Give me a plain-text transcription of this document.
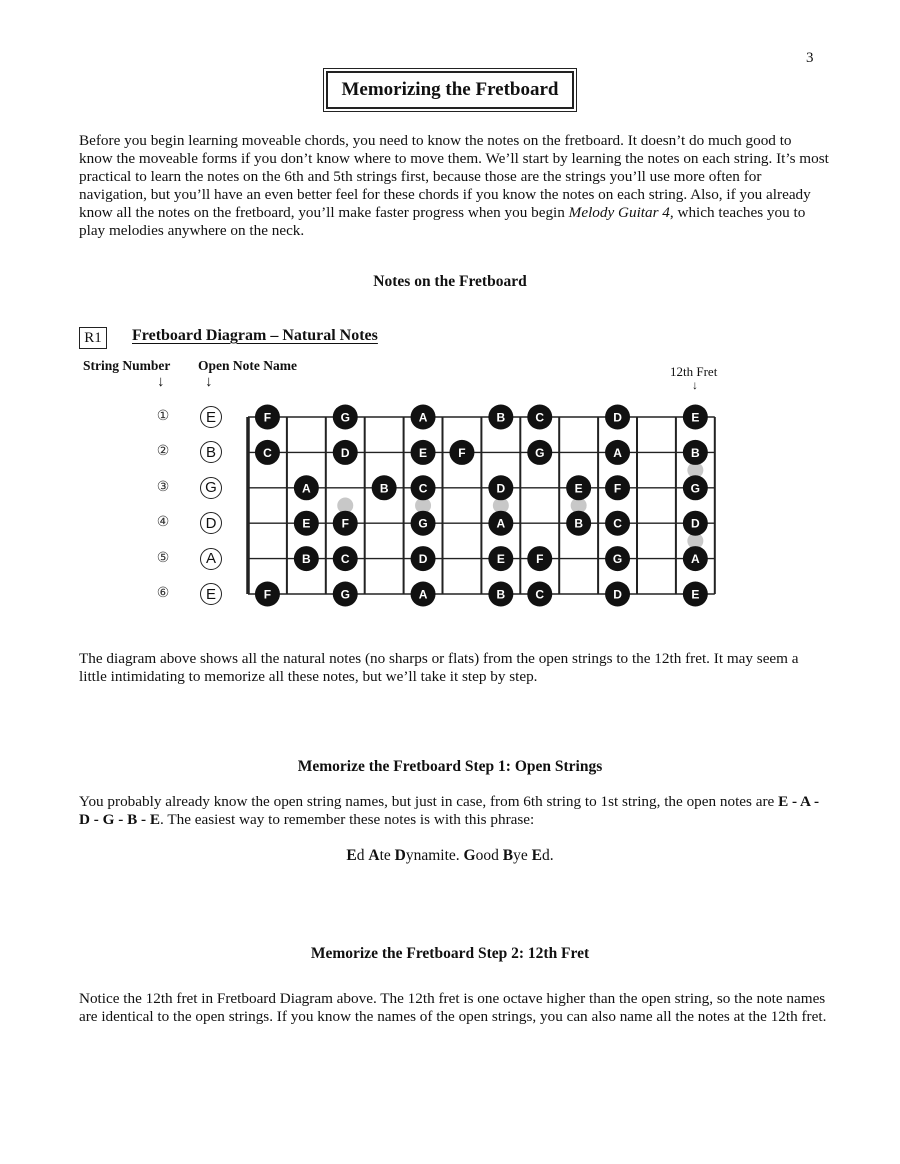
3
Memorizing the Fretboard

Before you begin learning moveable chords, you need to know the notes on the fretboard. It doesn’t do much good to know the moveable forms if you don’t know where to move them. We’ll start by learning the notes on each string. It’s most practical to learn the notes on the 6th and 5th strings first, because those are the strings you’ll use more often for navigation, but you’ll have an even better feel for these chords if you know the notes on each string. Also, if you already know all the notes on the fretboard, you’ll make faster progress when you begin Melody Guitar 4, which teaches you to play melodies anywhere on the neck.

Notes on the Fretboard
R1	Fretboard Diagram – Natural Notes
String Number Open Note Name
↓	↓
12th Fret
↓
①	E
②	B
③	G
④	D
⑤	A
⑥	E
F	G	A	B	C	D	E
C	D	E	F	G	A	B
A	B	C	D	E	F	G
E	F	G	A	B	C	D
B	C	D	E	F	G	A
F	G	A	B	C	D	E

The diagram above shows all the natural notes (no sharps or flats) from the open strings to the 12th fret. It may seem a little intimidating to memorize all these notes, but we’ll take it step by step.

Memorize the Fretboard Step 1: Open Strings

You probably already know the open string names, but just in case, from 6th string to 1st string, the open notes are E - A - D - G - B - E. The easiest way to remember these notes is with this phrase:

Ed Ate Dynamite. Good Bye Ed.
Memorize the Fretboard Step 2: 12th Fret

Notice the 12th fret in Fretboard Diagram above. The 12th fret is one octave higher than the open string, so the note names are identical to the open strings. If you know the names of the open strings, you can also name all the notes at the 12th fret.
